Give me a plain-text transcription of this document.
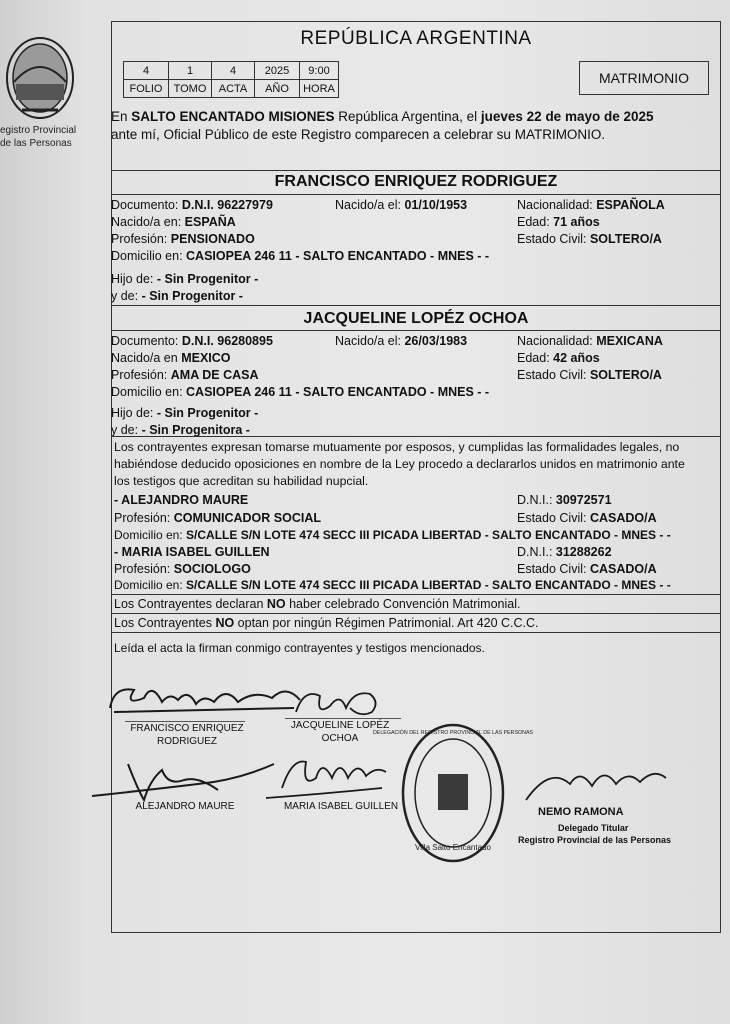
egistro Provincial
de las Personas
REPÚBLICA ARGENTINA
4	1	4	2025	9:00
FOLIO	TOMO	ACTA	AÑO	HORA
MATRIMONIO
En SALTO ENCANTADO MISIONES República Argentina, el jueves 22 de mayo de 2025
ante mí, Oficial Público de este Registro comparecen a celebrar su MATRIMONIO.
FRANCISCO ENRIQUEZ RODRIGUEZ
Documento: D.N.I. 96227979	Nacido/a el: 01/10/1953	Nacionalidad: ESPAÑOLA
Nacido/a en: ESPAÑA	Edad: 71 años
Profesión: PENSIONADO	Estado Civil: SOLTERO/A
Domicilio en: CASIOPEA 246 11 - SALTO ENCANTADO - MNES - -
Hijo de: - Sin Progenitor -
y de: - Sin Progenitor -
JACQUELINE LOPÉZ OCHOA
Documento: D.N.I. 96280895	Nacido/a el: 26/03/1983	Nacionalidad: MEXICANA
Nacido/a en MEXICO	Edad: 42 años
Profesión: AMA DE CASA	Estado Civil: SOLTERO/A
Domicilio en: CASIOPEA 246 11 - SALTO ENCANTADO - MNES - -
Hijo de: - Sin Progenitor -
y de: - Sin Progenitora -
Los contrayentes expresan tomarse mutuamente por esposos, y cumplidas las formalidades legales, no
habiéndose deducido oposiciones en nombre de la Ley procedo a declararlos unidos en matrimonio ante
los testigos que acreditan su habilidad nupcial.
- ALEJANDRO MAURE	D.N.I.: 30972571
Profesión: COMUNICADOR SOCIAL	Estado Civil: CASADO/A
Domicilio en: S/CALLE S/N LOTE 474 SECC III PICADA LIBERTAD - SALTO ENCANTADO - MNES - -
- MARIA ISABEL GUILLEN	D.N.I.: 31288262
Profesión: SOCIOLOGO	Estado Civil: CASADO/A
Domicilio en: S/CALLE S/N LOTE 474 SECC III PICADA LIBERTAD - SALTO ENCANTADO - MNES - -
Los Contrayentes declaran NO haber celebrado Convención Matrimonial.
Los Contrayentes NO optan por ningún Régimen Patrimonial. Art 420 C.C.C.
Leída el acta la firman conmigo contrayentes y testigos mencionados.
FRANCISCO ENRIQUEZ
RODRIGUEZ
JACQUELINE LOPÉZ
OCHOA
ALEJANDRO MAURE	MARIA ISABEL GUILLEN
Villa Salto Encantado
DELEGACIÓN DEL REGISTRO PROVINCIAL DE LAS PERSONAS
NEMO RAMONA
Delegado Titular
Registro Provincial de las Personas
